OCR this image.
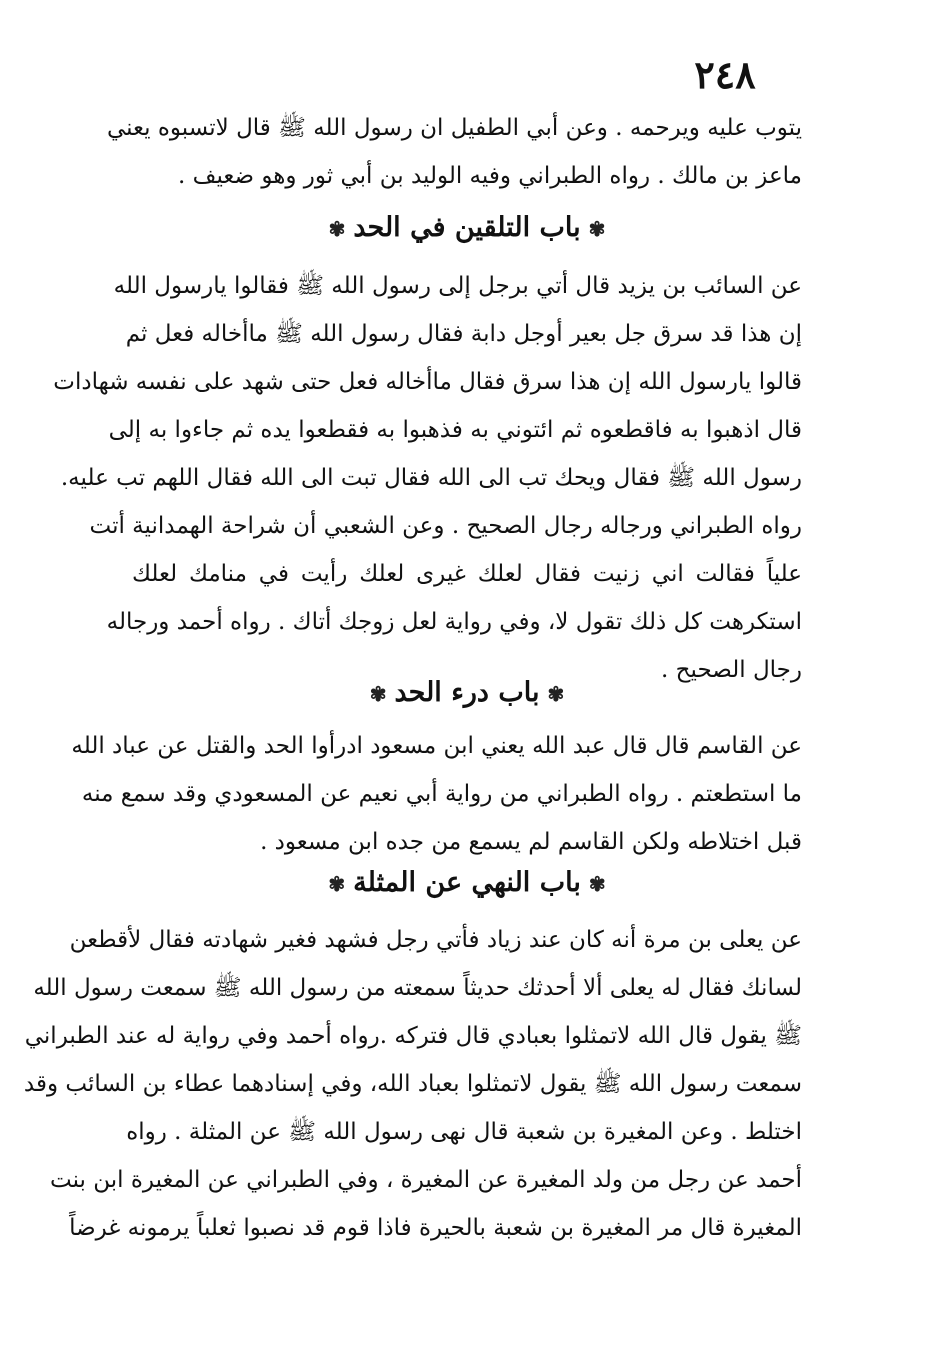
٢٤٨
يتوب عليه ويرحمه . وعن أبي الطفيل ان رسول الله ﷺ قال لاتسبوه يعني
ماعز بن مالك . رواه الطبراني وفيه الوليد بن أبي ثور وهو ضعيف .
✾باب التلقين في الحد✾
عن السائب بن يزيد قال أتي برجل إلى رسول الله ﷺ فقالوا يارسول الله
إن هذا قد سرق جل بعير أوجل دابة فقال رسول الله ﷺ ماأخاله فعل ثم
قالوا يارسول الله إن هذا سرق فقال ماأخاله فعل حتى شهد على نفسه شهادات
قال اذهبوا به فاقطعوه ثم ائتوني به فذهبوا به فقطعوا يده ثم جاءوا به إلى
رسول الله ﷺ فقال ويحك تب الى الله فقال تبت الى الله فقال اللهم تب عليه.
رواه الطبراني ورجاله رجال الصحيح . وعن الشعبي أن شراحة الهمدانية أتت
علياً فقالت اني زنيت فقال لعلك غيرى لعلك رأيت في منامك لعلك
استكرهت كل ذلك تقول لا، وفي رواية لعل زوجك أتاك . رواه أحمد ورجاله
رجال الصحيح .
✾باب درء الحد✾
عن القاسم قال قال عبد الله يعني ابن مسعود ادرأوا الحد والقتل عن عباد الله
ما استطعتم . رواه الطبراني من رواية أبي نعيم عن المسعودي وقد سمع منه
قبل اختلاطه ولكن القاسم لم يسمع من جده ابن مسعود .
✾باب النهي عن المثلة✾
عن يعلى بن مرة أنه كان عند زياد فأتي رجل فشهد فغير شهادته فقال لأقطعن
لسانك فقال له يعلى ألا أحدثك حديثاً سمعته من رسول الله ﷺ سمعت رسول الله
ﷺ يقول قال الله لاتمثلوا بعبادي قال فتركه .رواه أحمد وفي رواية له عند الطبراني
سمعت رسول الله ﷺ يقول لاتمثلوا بعباد الله، وفي إسنادهما عطاء بن السائب وقد
اختلط . وعن المغيرة بن شعبة قال نهى رسول الله ﷺ عن المثلة . رواه
أحمد عن رجل من ولد المغيرة عن المغيرة ، وفي الطبراني عن المغيرة ابن بنت
المغيرة قال مر المغيرة بن شعبة بالحيرة فاذا قوم قد نصبوا ثعلباً يرمونه غرضاً
